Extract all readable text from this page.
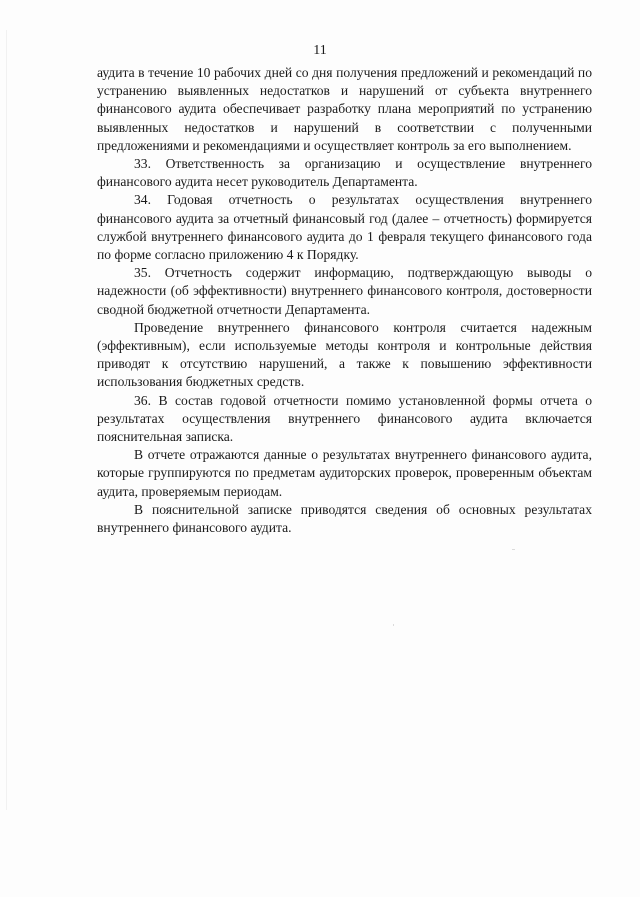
11

аудита в течение 10 рабочих дней со дня получения предложений и рекомендаций по устранению выявленных недостатков и нарушений от субъекта внутреннего финансового аудита обеспечивает разработку плана мероприятий по устранению выявленных недостатков и нарушений в соответствии с полученными предложениями и рекомендациями и осуществляет контроль за его выполнением.

33. Ответственность за организацию и осуществление внутреннего финансового аудита несет руководитель Департамента.

34. Годовая отчетность о результатах осуществления внутреннего финансового аудита за отчетный финансовый год (далее – отчетность) формируется службой внутреннего финансового аудита до 1 февраля текущего финансового года по форме согласно приложению 4 к Порядку.

35. Отчетность содержит информацию, подтверждающую выводы о надежности (об эффективности) внутреннего финансового контроля, достоверности сводной бюджетной отчетности Департамента.

Проведение внутреннего финансового контроля считается надежным (эффективным), если используемые методы контроля и контрольные действия приводят к отсутствию нарушений, а также к повышению эффективности использования бюджетных средств.

36. В состав годовой отчетности помимо установленной формы отчета о результатах осуществления внутреннего финансового аудита включается пояснительная записка.

В отчете отражаются данные о результатах внутреннего финансового аудита, которые группируются по предметам аудиторских проверок, проверенным объектам аудита, проверяемым периодам.

В пояснительной записке приводятся сведения об основных результатах внутреннего финансового аудита.
